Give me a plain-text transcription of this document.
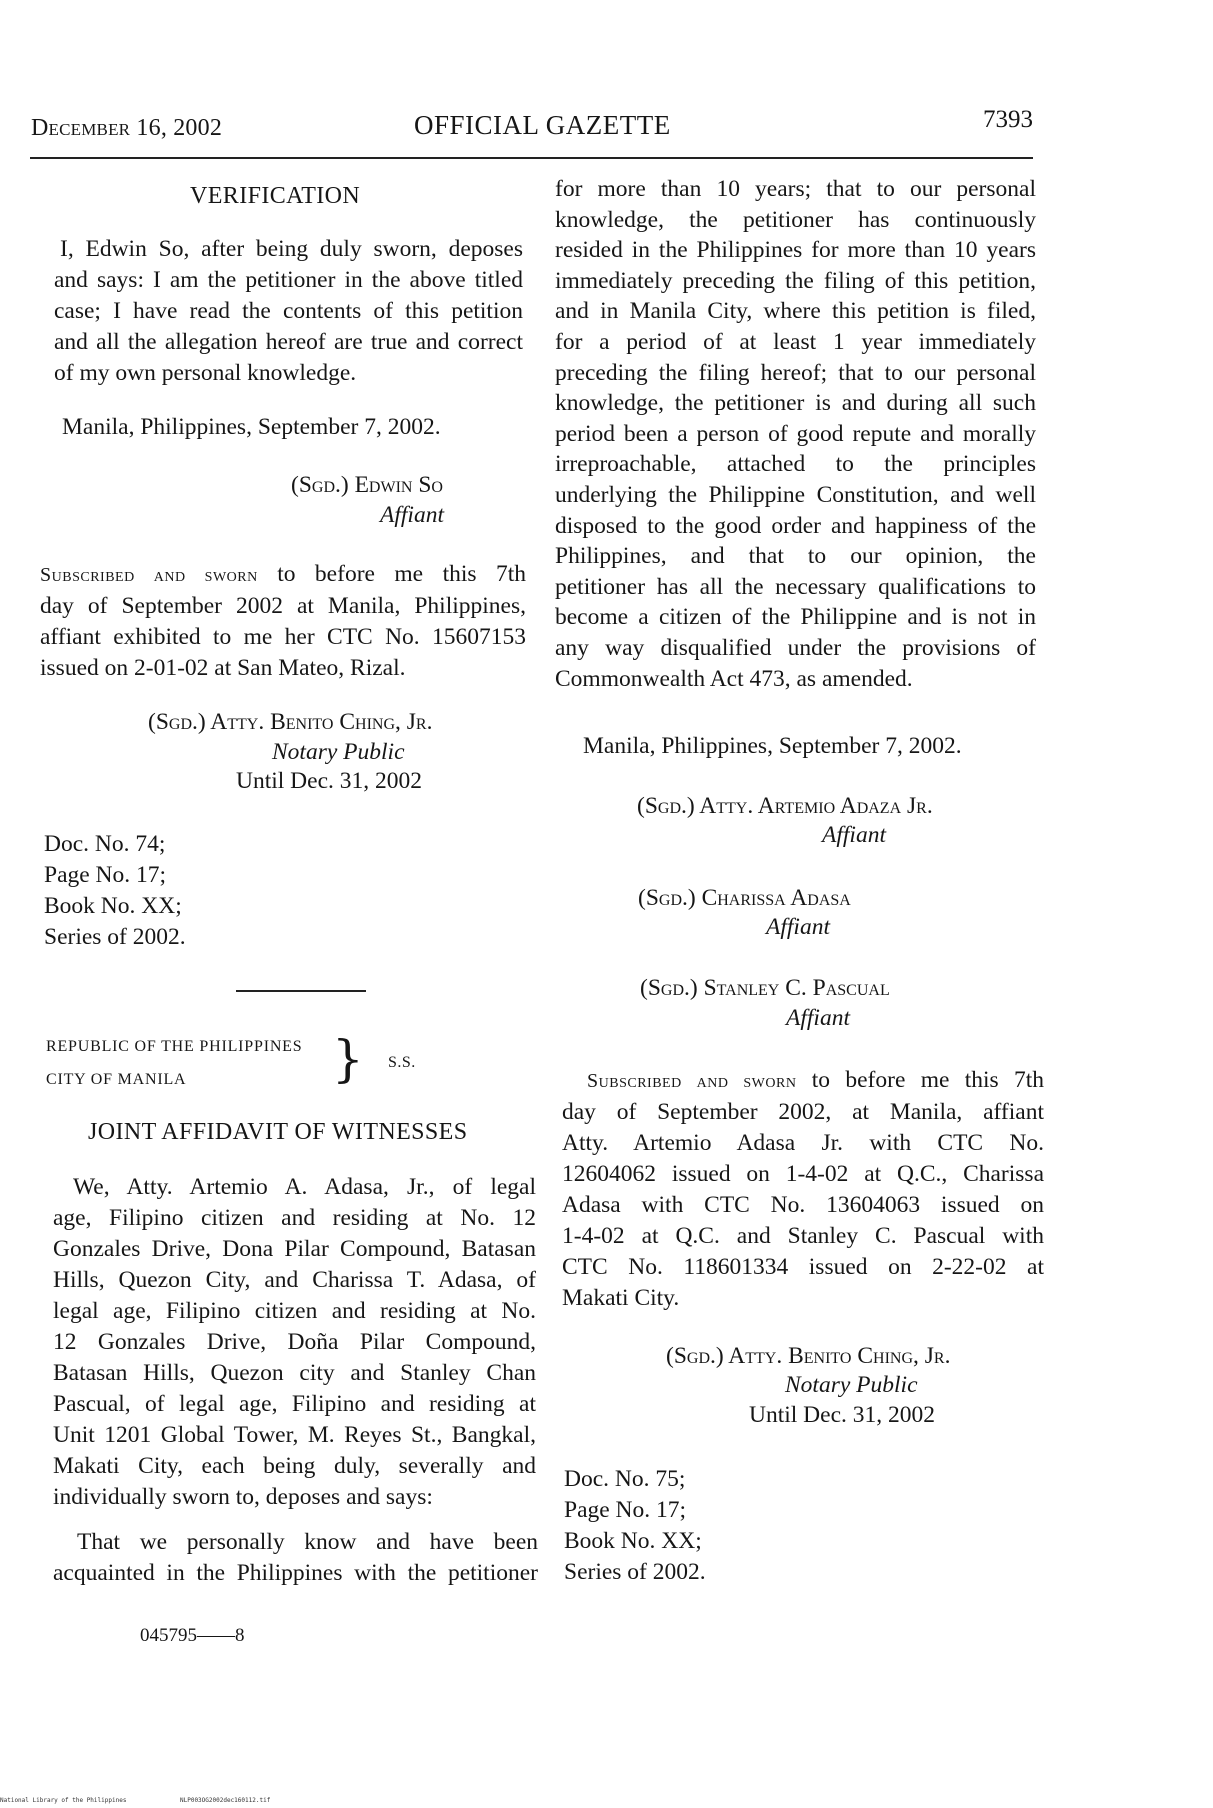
December 16, 2002	OFFICIAL GAZETTE	7393
VERIFICATION
I, Edwin So, after being duly sworn, deposes
and says: I am the petitioner in the above titled
case; I have read the contents of this petition
and all the allegation hereof are true and correct
of my own personal knowledge.
Manila, Philippines, September 7, 2002.
(Sgd.) Edwin So
Affiant
Subscribed and sworn to before me this 7th
day of September 2002 at Manila, Philippines,
affiant exhibited to me her CTC No. 15607153
issued on 2-01-02 at San Mateo, Rizal.
(Sgd.) Atty. Benito Ching, Jr.
Notary Public
Until Dec. 31, 2002
Doc. No. 74;
Page No. 17;
Book No. XX;
Series of 2002.
REPUBLIC OF THE PHILIPPINES
CITY OF MANILA	} S.S.
JOINT AFFIDAVIT OF WITNESSES
We, Atty. Artemio A. Adasa, Jr., of legal
age, Filipino citizen and residing at No. 12
Gonzales Drive, Dona Pilar Compound, Batasan
Hills, Quezon City, and Charissa T. Adasa, of
legal age, Filipino citizen and residing at No.
12 Gonzales Drive, Doña Pilar Compound,
Batasan Hills, Quezon city and Stanley Chan
Pascual, of legal age, Filipino and residing at
Unit 1201 Global Tower, M. Reyes St., Bangkal,
Makati City, each being duly, severally and
individually sworn to, deposes and says:
That we personally know and have been
acquainted in the Philippines with the petitioner
045795——8
for more than 10 years; that to our personal
knowledge, the petitioner has continuously
resided in the Philippines for more than 10 years
immediately preceding the filing of this petition,
and in Manila City, where this petition is filed,
for a period of at least 1 year immediately
preceding the filing hereof; that to our personal
knowledge, the petitioner is and during all such
period been a person of good repute and morally
irreproachable, attached to the principles
underlying the Philippine Constitution, and well
disposed to the good order and happiness of the
Philippines, and that to our opinion, the
petitioner has all the necessary qualifications to
become a citizen of the Philippine and is not in
any way disqualified under the provisions of
Commonwealth Act 473, as amended.
Manila, Philippines, September 7, 2002.
(Sgd.) Atty. Artemio Adaza Jr.
Affiant
(Sgd.) Charissa Adasa
Affiant
(Sgd.) Stanley C. Pascual
Affiant
Subscribed and sworn to before me this 7th
day of September 2002, at Manila, affiant
Atty. Artemio Adasa Jr. with CTC No.
12604062 issued on 1-4-02 at Q.C., Charissa
Adasa with CTC No. 13604063 issued on
1-4-02 at Q.C. and Stanley C. Pascual with
CTC No. 118601334 issued on 2-22-02 at
Makati City.
(Sgd.) Atty. Benito Ching, Jr.
Notary Public
Until Dec. 31, 2002
Doc. No. 75;
Page No. 17;
Book No. XX;
Series of 2002.
National Library of the Philippines	NLP003OG2002dec160112.tif
